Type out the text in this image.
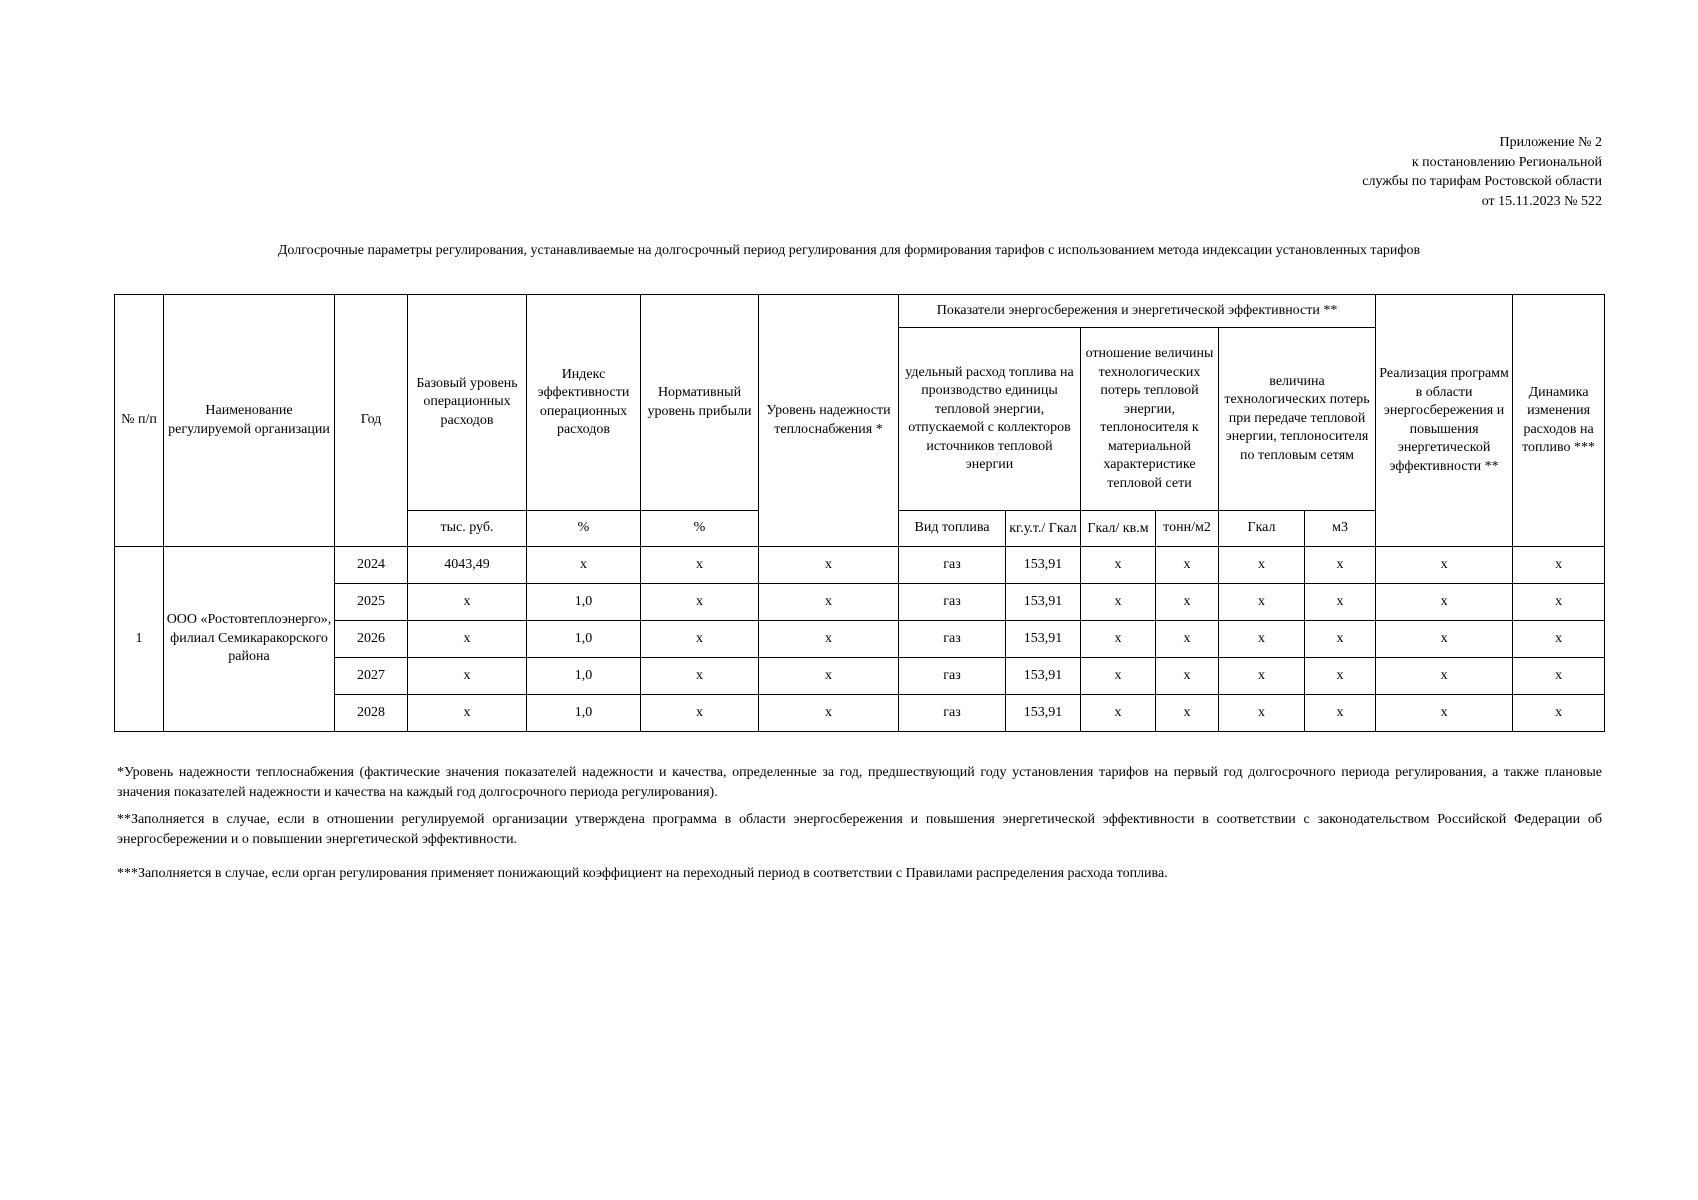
Приложение № 2
к постановлению Региональной
службы по тарифам Ростовской области
от 15.11.2023 № 522
Долгосрочные параметры регулирования, устанавливаемые на долгосрочный период регулирования для формирования тарифов с использованием метода индексации установленных тарифов
№ п/п	Наименование регулируемой организации	Год	Базовый уровень операционных расходов	Индекс эффективности операционных расходов	Нормативный уровень прибыли	Уровень надежности теплоснабжения *	Показатели энергосбережения и энергетической эффективности **						Реализация программ в области энергосбережения и повышения энергетической эффективности **	Динамика изменения расходов на топливо ***
							удельный расход топлива на производство единицы тепловой энергии, отпускаемой с коллекторов источников тепловой энергии		отношение величины технологических потерь тепловой энергии, теплоносителя к материальной характеристике тепловой сети		величина технологических потерь при передаче тепловой энергии, теплоносителя по тепловым сетям			
			тыс. руб.	%	%		Вид топлива	кг.у.т./ Гкал	Гкал/ кв.м	тонн/м2	Гкал	м3		
1	ООО «Ростовтеплоэнерго», филиал Семикаракорского района	2024	4043,49	x	x	x	газ	153,91	x	x	x	x	x	x
		2025	x	1,0	x	x	газ	153,91	x	x	x	x	x	x
		2026	x	1,0	x	x	газ	153,91	x	x	x	x	x	x
		2027	x	1,0	x	x	газ	153,91	x	x	x	x	x	x
		2028	x	1,0	x	x	газ	153,91	x	x	x	x	x	x

*Уровень надежности теплоснабжения (фактические значения показателей надежности и качества, определенные за год, предшествующий году установления тарифов на первый год долгосрочного периода регулирования, а также плановые значения показателей надежности и качества на каждый год долгосрочного периода регулирования).

**Заполняется в случае, если в отношении регулируемой организации утверждена программа в области энергосбережения и повышения энергетической эффективности в соответствии с законодательством Российской Федерации об энергосбережении и о повышении энергетической эффективности.

***Заполняется в случае, если орган регулирования применяет понижающий коэффициент на переходный период в соответствии с Правилами распределения расхода топлива.
